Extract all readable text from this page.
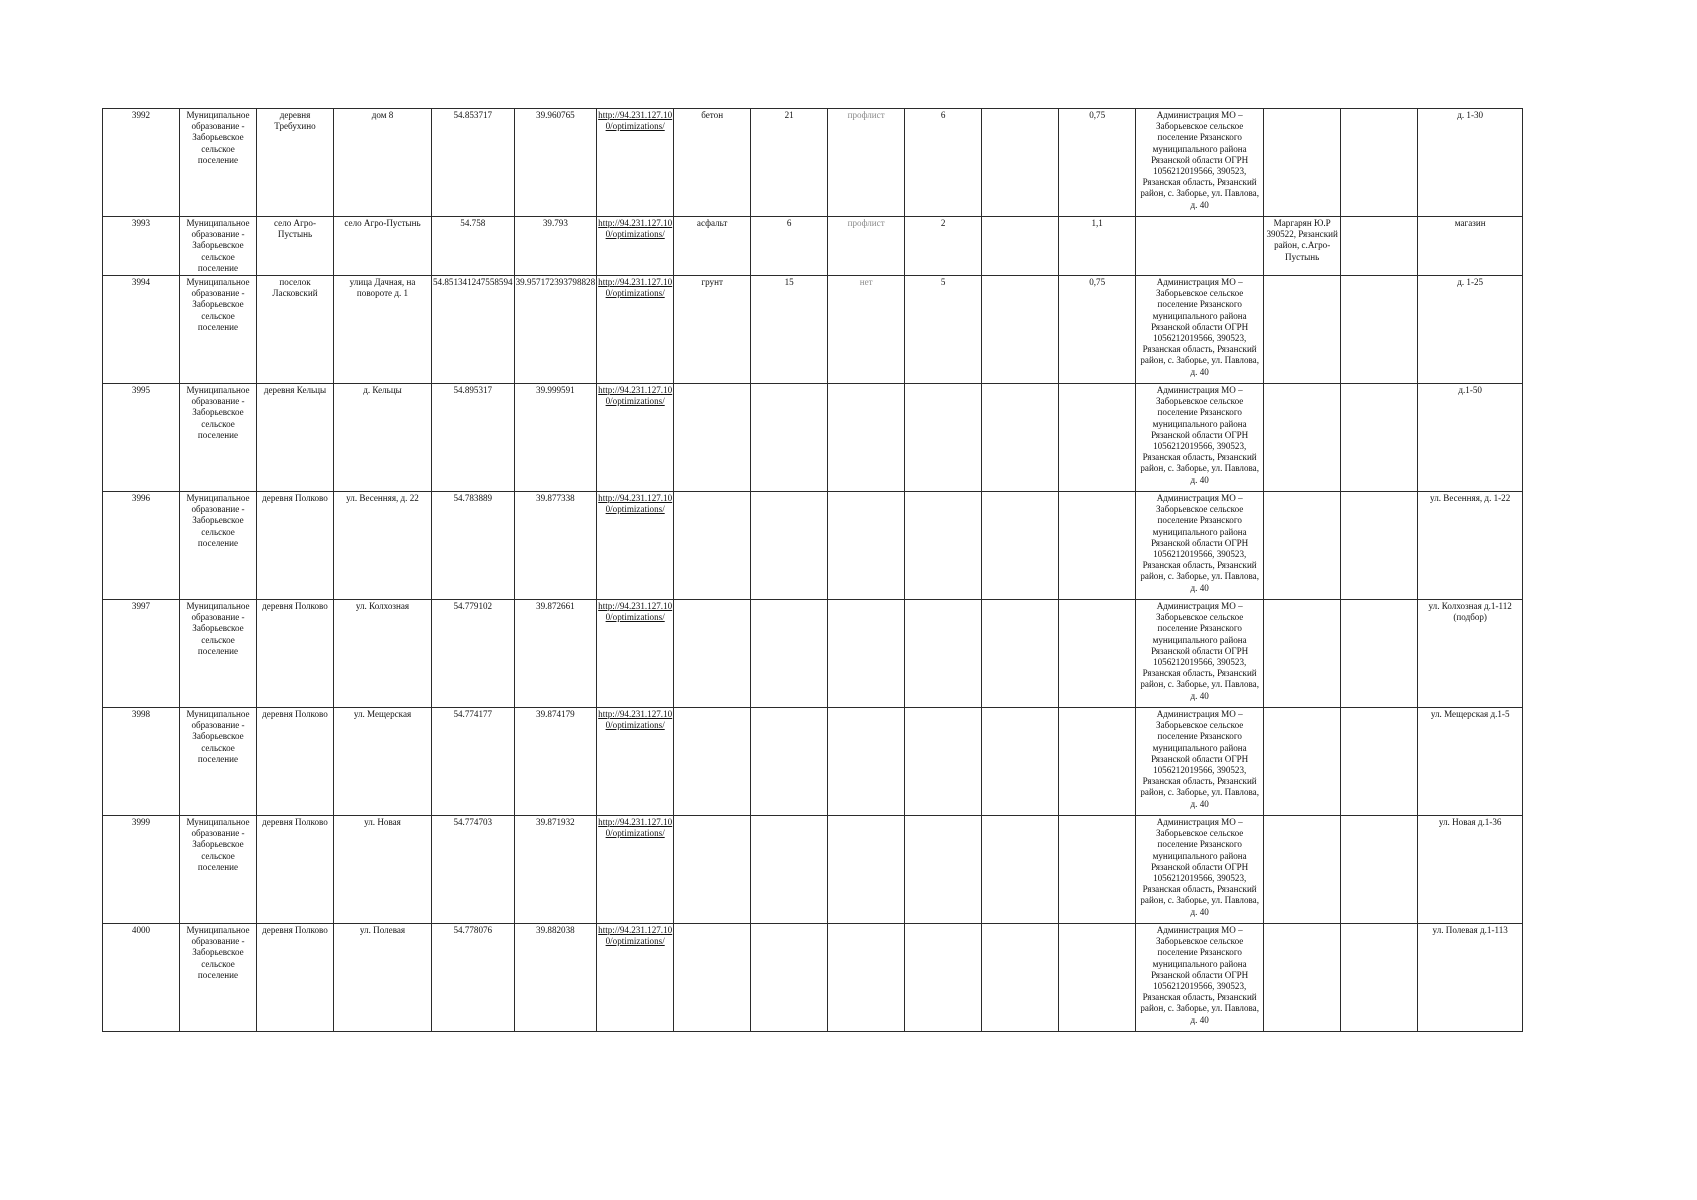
3992	Муниципальное образование - Заборьевское сельское поселение	деревня Требухино	дом 8	54.853717	39.960765	http://94.231.127.10 0/optimizations/	бетон	21	профлист	6		0,75	Администрация МО – Заборьевское сельское поселение Рязанского муниципального района Рязанской области ОГРН 1056212019566, 390523, Рязанская область, Рязанский район, с. Заборье, ул. Павлова, д. 40			д. 1-30
3993	Муниципальное образование - Заборьевское сельское поселение	село Агро-Пустынь	село Агро-Пустынь	54.758	39.793	http://94.231.127.10 0/optimizations/	асфальт	6	профлист	2		1,1		Маргарян Ю.Р 390522, Рязанский район, с.Агро-Пустынь		магазин
3994	Муниципальное образование - Заборьевское сельское поселение	поселок Ласковский	улица Дачная, на повороте д. 1	54.851341247558594	39.957172393798828	http://94.231.127.10 0/optimizations/	грунт	15	нет	5		0,75	Администрация МО – Заборьевское сельское поселение Рязанского муниципального района Рязанской области ОГРН 1056212019566, 390523, Рязанская область, Рязанский район, с. Заборье, ул. Павлова, д. 40			д. 1-25
3995	Муниципальное образование - Заборьевское сельское поселение	деревня Кельцы	д. Кельцы	54.895317	39.999591	http://94.231.127.10 0/optimizations/							Администрация МО – Заборьевское сельское поселение Рязанского муниципального района Рязанской области ОГРН 1056212019566, 390523, Рязанская область, Рязанский район, с. Заборье, ул. Павлова, д. 40			д.1-50
3996	Муниципальное образование - Заборьевское сельское поселение	деревня Полково	ул. Весенняя, д. 22	54.783889	39.877338	http://94.231.127.10 0/optimizations/							Администрация МО – Заборьевское сельское поселение Рязанского муниципального района Рязанской области ОГРН 1056212019566, 390523, Рязанская область, Рязанский район, с. Заборье, ул. Павлова, д. 40			ул. Весенняя, д. 1-22
3997	Муниципальное образование - Заборьевское сельское поселение	деревня Полково	ул. Колхозная	54.779102	39.872661	http://94.231.127.10 0/optimizations/							Администрация МО – Заборьевское сельское поселение Рязанского муниципального района Рязанской области ОГРН 1056212019566, 390523, Рязанская область, Рязанский район, с. Заборье, ул. Павлова, д. 40			ул. Колхозная д.1-112 (подбор)
3998	Муниципальное образование - Заборьевское сельское поселение	деревня Полково	ул. Мещерская	54.774177	39.874179	http://94.231.127.10 0/optimizations/							Администрация МО – Заборьевское сельское поселение Рязанского муниципального района Рязанской области ОГРН 1056212019566, 390523, Рязанская область, Рязанский район, с. Заборье, ул. Павлова, д. 40			ул. Мещерская д.1-5
3999	Муниципальное образование - Заборьевское сельское поселение	деревня Полково	ул. Новая	54.774703	39.871932	http://94.231.127.10 0/optimizations/							Администрация МО – Заборьевское сельское поселение Рязанского муниципального района Рязанской области ОГРН 1056212019566, 390523, Рязанская область, Рязанский район, с. Заборье, ул. Павлова, д. 40			ул. Новая д.1-36
4000	Муниципальное образование - Заборьевское сельское поселение	деревня Полково	ул. Полевая	54.778076	39.882038	http://94.231.127.10 0/optimizations/							Администрация МО – Заборьевское сельское поселение Рязанского муниципального района Рязанской области ОГРН 1056212019566, 390523, Рязанская область, Рязанский район, с. Заборье, ул. Павлова, д. 40			ул. Полевая д.1-113
